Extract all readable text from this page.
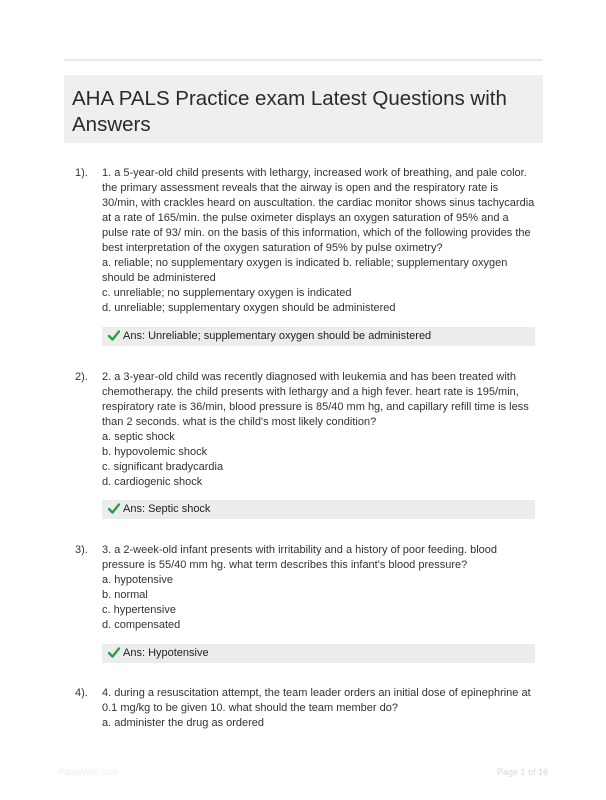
AHA PALS Practice exam Latest Questions with Answers
1). 1. a 5-year-old child presents with lethargy, increased work of breathing, and pale color. the primary assessment reveals that the airway is open and the respiratory rate is 30/min, with crackles heard on auscultation. the cardiac monitor shows sinus tachycardia at a rate of 165/min. the pulse oximeter displays an oxygen saturation of 95% and a pulse rate of 93/ min. on the basis of this information, which of the following provides the best interpretation of the oxygen saturation of 95% by pulse oximetry?

a. reliable; no supplementary oxygen is indicated b. reliable; supplementary oxygen should be administered
c. unreliable; no supplementary oxygen is indicated
d. unreliable; supplementary oxygen should be administered
Ans: Unreliable; supplementary oxygen should be administered
2). 2. a 3-year-old child was recently diagnosed with leukemia and has been treated with chemotherapy. the child presents with lethargy and a high fever. heart rate is 195/min, respiratory rate is 36/min, blood pressure is 85/40 mm hg, and capillary refill time is less than 2 seconds. what is the child's most likely condition?

a. septic shock
b. hypovolemic shock
c. significant bradycardia
d. cardiogenic shock
Ans: Septic shock
3). 3. a 2-week-old infant presents with irritability and a history of poor feeding. blood pressure is 55/40 mm hg. what term describes this infant's blood pressure?

a. hypotensive
b. normal
c. hypertensive
d. compensated
Ans: Hypotensive
4). 4. during a resuscitation attempt, the team leader orders an initial dose of epinephrine at 0.1 mg/kg to be given 10. what should the team member do?

a. administer the drug as ordered
PaperWiki.com	Page 1 of 16
